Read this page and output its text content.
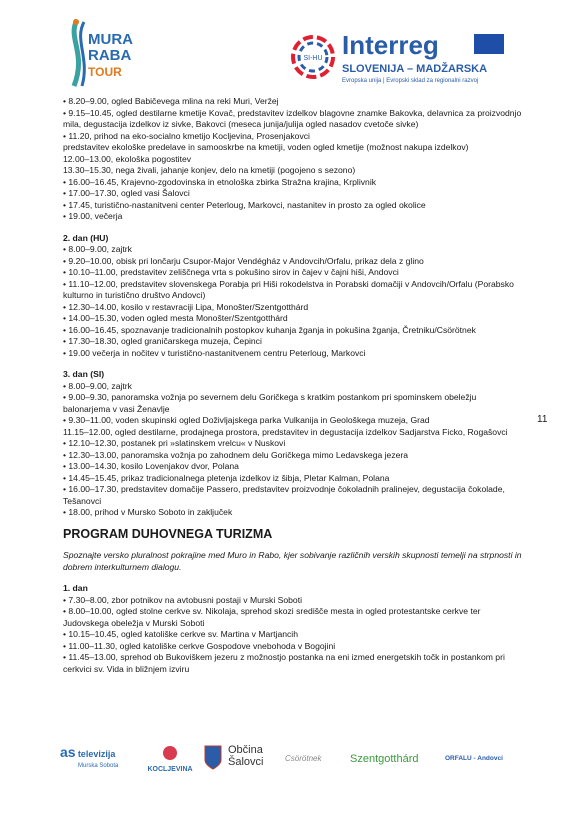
MURA
RABA
TOUR
SI-HU Interreg
SLOVENIJA – MADŽARSKA
Evropska unija | Evropski sklad za regionalni razvoj
• 8.20–9.00, ogled Babičevega mlina na reki Muri, Veržej
• 9.15–10.45, ogled destilarne kmetije Kovač, predstavitev izdelkov blagovne znamke Bakovka, delavnica za proizvodnjo mila, degustacija izdelkov iz sivke, Bakovci (meseca junija/julija ogled nasadov cvetoče sivke)
• 11.20, prihod na eko-socialno kmetijo Kocljevina, Prosenjakovci
predstavitev ekološke predelave in samooskrbe na kmetiji, voden ogled kmetije (možnost nakupa izdelkov)
12.00–13.00, ekološka pogostitev
13.30–15.30, nega živali, jahanje konjev, delo na kmetiji (pogojeno s sezono)
• 16.00–16.45, Krajevno-zgodovinska in etnološka zbirka Stražna krajina, Krplivnik
• 17.00–17.30, ogled vasi Šalovci
• 17.45, turistično-nastanitveni center Peterloug, Markovci, nastanitev in prosto za ogled okolice
• 19.00, večerja
2. dan (HU)
• 8.00–9.00, zajtrk
• 9.20–10.00, obisk pri lončarju Csupor-Major Vendégház v Andovcih/Orfalu, prikaz dela z glino
• 10.10–11.00, predstavitev zeliščnega vrta s pokušino sirov in čajev v čajni hiši, Andovci
• 11.10–12.00, predstavitev slovenskega Porabja pri Hiši rokodelstva in Porabski domačiji v Andovcih/Orfalu (Porabsko kulturno in turistično društvo Andovci)
• 12.30–14.00, kosilo v restavraciji Lipa, Monošter/Szentgotthárd
• 14.00–15.30, voden ogled mesta Monošter/Szentgotthárd
• 16.00–16.45, spoznavanje tradicionalnih postopkov kuhanja žganja in pokušina žganja, Čretniku/Csörötnek
• 17.30–18.30, ogled graničarskega muzeja, Čepinci
• 19.00 večerja in nočitev v turistično-nastanitvenem centru Peterloug, Markovci
3. dan (SI)
• 8.00–9.00, zajtrk
• 9.00–9.30, panoramska vožnja po severnem delu Goričkega s kratkim postankom pri spominskem obeležju balonarjema v vasi Ženavlje
• 9.30–11.00, voden skupinski ogled Doživljajskega parka Vulkanija in Geološkega muzeja, Grad
11.15–12.00, ogled destilarne, prodajnega prostora, predstavitev in degustacija izdelkov Sadjarstva Ficko, Rogašovci
• 12.10–12.30, postanek pri »slatinskem vrelcu« v Nuskovi
• 12.30–13.00, panoramska vožnja po zahodnem delu Goričkega mimo Ledavskega jezera
• 13.00–14.30, kosilo Lovenjakov dvor, Polana
• 14.45–15.45, prikaz tradicionalnega pletenja izdelkov iz šibja, Pletar Kalman, Polana
• 16.00–17.30, predstavitev domačije Passero, predstavitev proizvodnje čokoladnih pralinejev, degustacija čokolade, Tešanovci
• 18.00, prihod v Mursko Soboto in zaključek
PROGRAM DUHOVNEGA TURIZMA
Spoznajte versko pluralnost pokrajine med Muro in Rabo, kjer sobivanje različnih verskih skupnosti temelji na strpnosti in dobrem interkulturnem dialogu.
1. dan
• 7.30–8.00, zbor potnikov na avtobusni postaji v Murski Soboti
• 8.00–10.00, ogled stolne cerkve sv. Nikolaja, sprehod skozi središče mesta in ogled protestantske cerkve ter Judovskega obeležja v Murski Soboti
• 10.15–10.45, ogled katoliške cerkve sv. Martina v Martjancih
• 11.00–11.30, ogled katoliške cerkve Gospodove vnebohoda v Bogojini
• 11.45–13.00, sprehod ob Bukoviškem jezeru z možnostjo postanka na eni izmed energetskih točk in postankom pri cerkvici sv. Vida in bližnjem izviru
11
as televizija
Murska Sobota	KOCLJEVINA
Občina
Šalovci	Csörötnek	Szentgotthárd	ORFALU - Andovci
